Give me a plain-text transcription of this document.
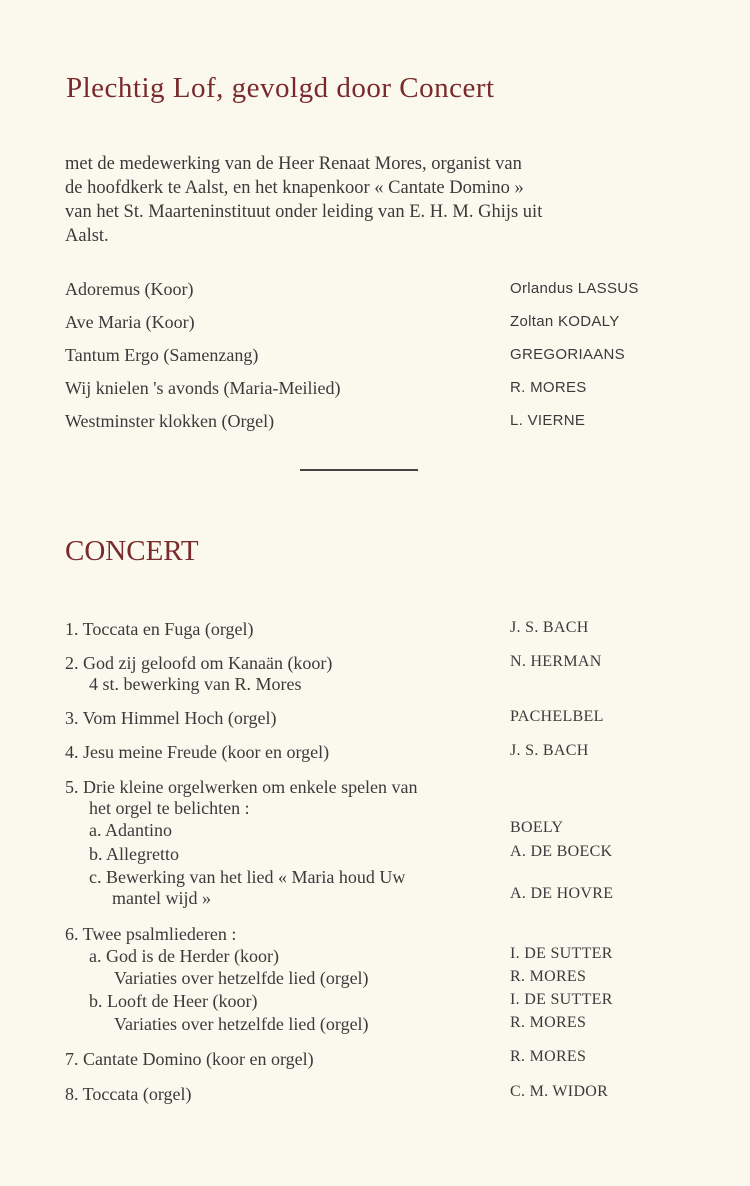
Plechtig Lof, gevolgd door Concert

met de medewerking van de Heer Renaat Mores, organist van
de hoofdkerk te Aalst, en het knapenkoor « Cantate Domino »
van het St. Maarteninstituut onder leiding van E. H. M. Ghijs uit
Aalst.

Adoremus (Koor)	Orlandus LASSUS
Ave Maria (Koor)	Zoltan KODALY
Tantum Ergo (Samenzang)	GREGORIAANS
Wij knielen 's avonds (Maria-Meilied)	R. MORES
Westminster klokken (Orgel)	L. VIERNE
CONCERT
1. Toccata en Fuga (orgel)	J. S. BACH
2. God zij geloofd om Kanaän (koor)	N. HERMAN
4 st. bewerking van R. Mores
3. Vom Himmel Hoch (orgel)	PACHELBEL
4. Jesu meine Freude (koor en orgel)	J. S. BACH
5. Drie kleine orgelwerken om enkele spelen van
het orgel te belichten :
a. Adantino	BOELY
b. Allegretto	A. DE BOECK
c. Bewerking van het lied « Maria houd Uw
mantel wijd »	A. DE HOVRE
6. Twee psalmliederen :
a. God is de Herder (koor)	I. DE SUTTER
Variaties over hetzelfde lied (orgel)	R. MORES
b. Looft de Heer (koor)	I. DE SUTTER
Variaties over hetzelfde lied (orgel)	R. MORES
7. Cantate Domino (koor en orgel)	R. MORES
8. Toccata (orgel)	C. M. WIDOR
